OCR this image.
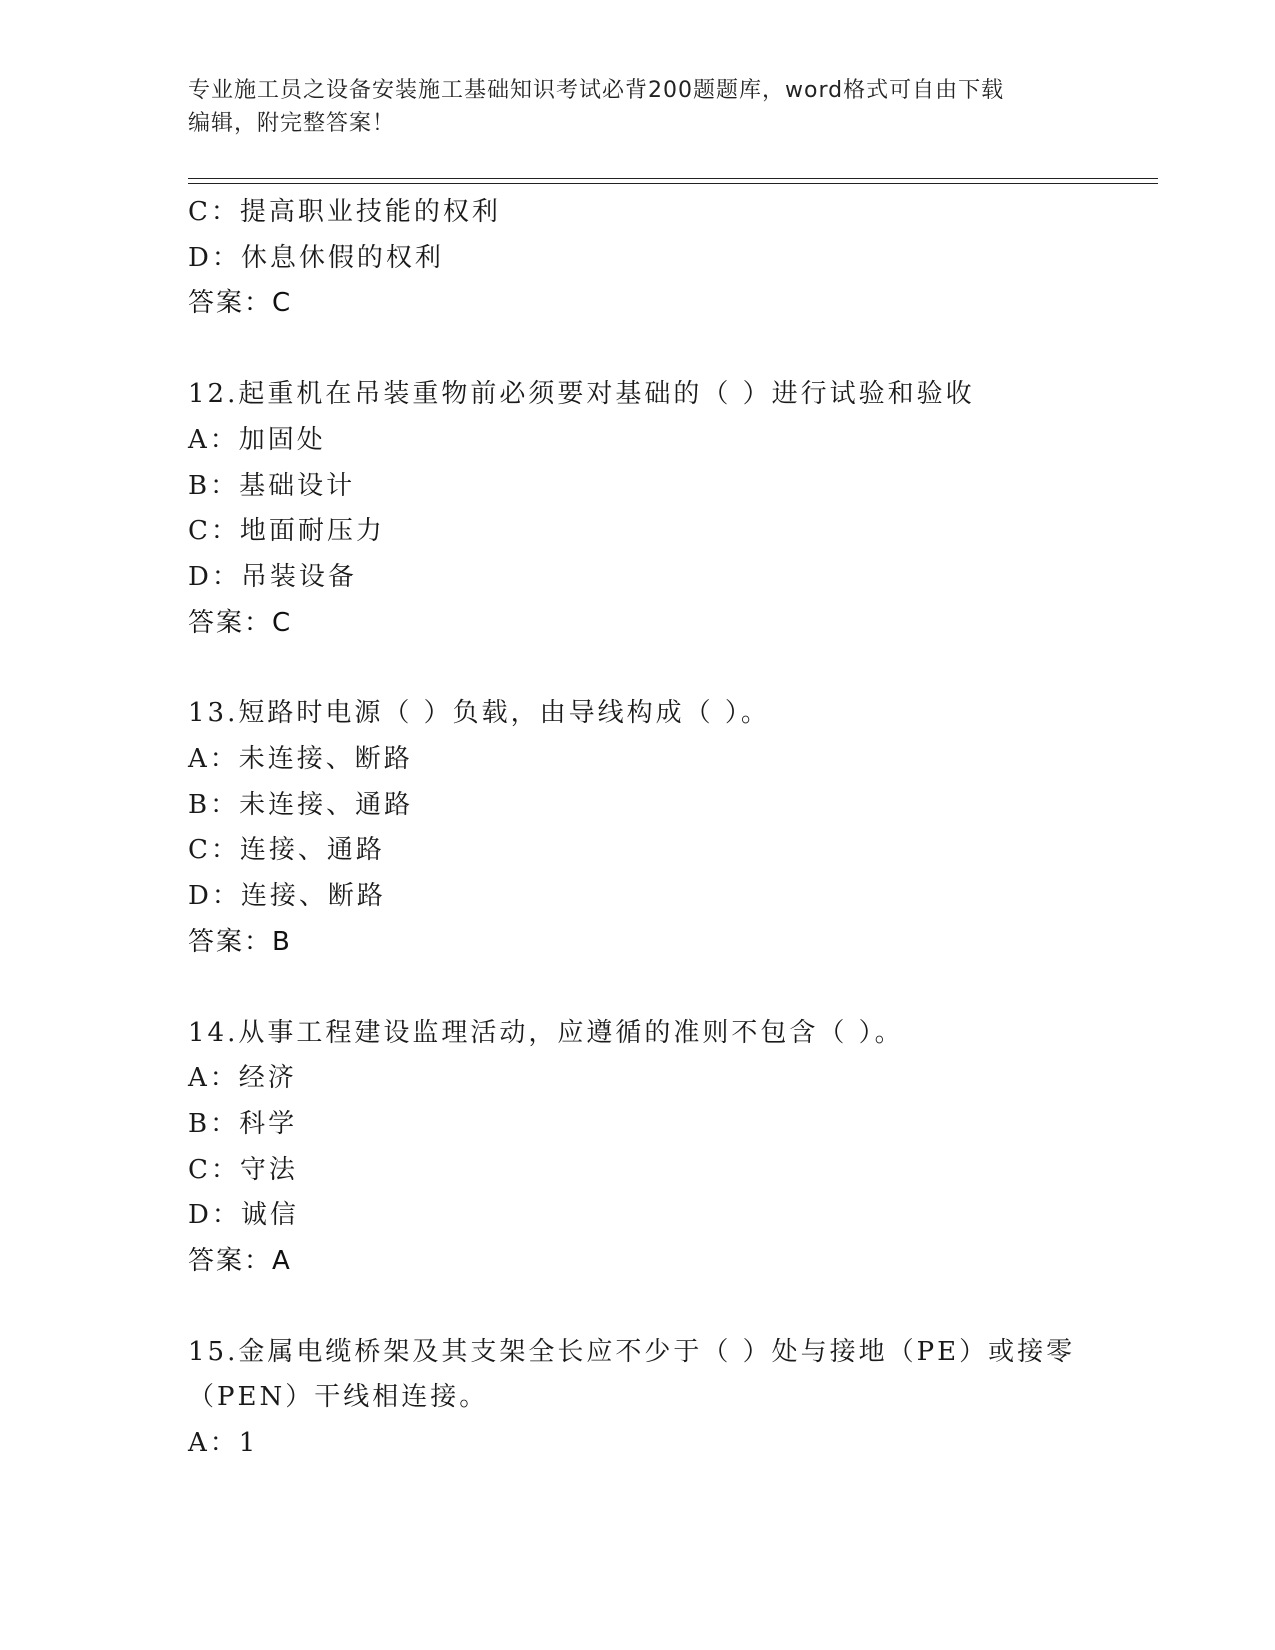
专业施工员之设备安装施工基础知识考试必背200题题库，word格式可自由下载
编辑，附完整答案！
C：提高职业技能的权利
D：休息休假的权利
答案：C
12.起重机在吊装重物前必须要对基础的（ ）进行试验和验收
A：加固处
B：基础设计
C：地面耐压力
D：吊装设备
答案：C
13.短路时电源（ ）负载，由导线构成（ ）。
A：未连接、断路
B：未连接、通路
C：连接、通路
D：连接、断路
答案：B
14.从事工程建设监理活动，应遵循的准则不包含（ ）。
A：经济
B：科学
C：守法
D：诚信
答案：A
15.金属电缆桥架及其支架全长应不少于（ ）处与接地（PE）或接零
（PEN）干线相连接。
A：1
